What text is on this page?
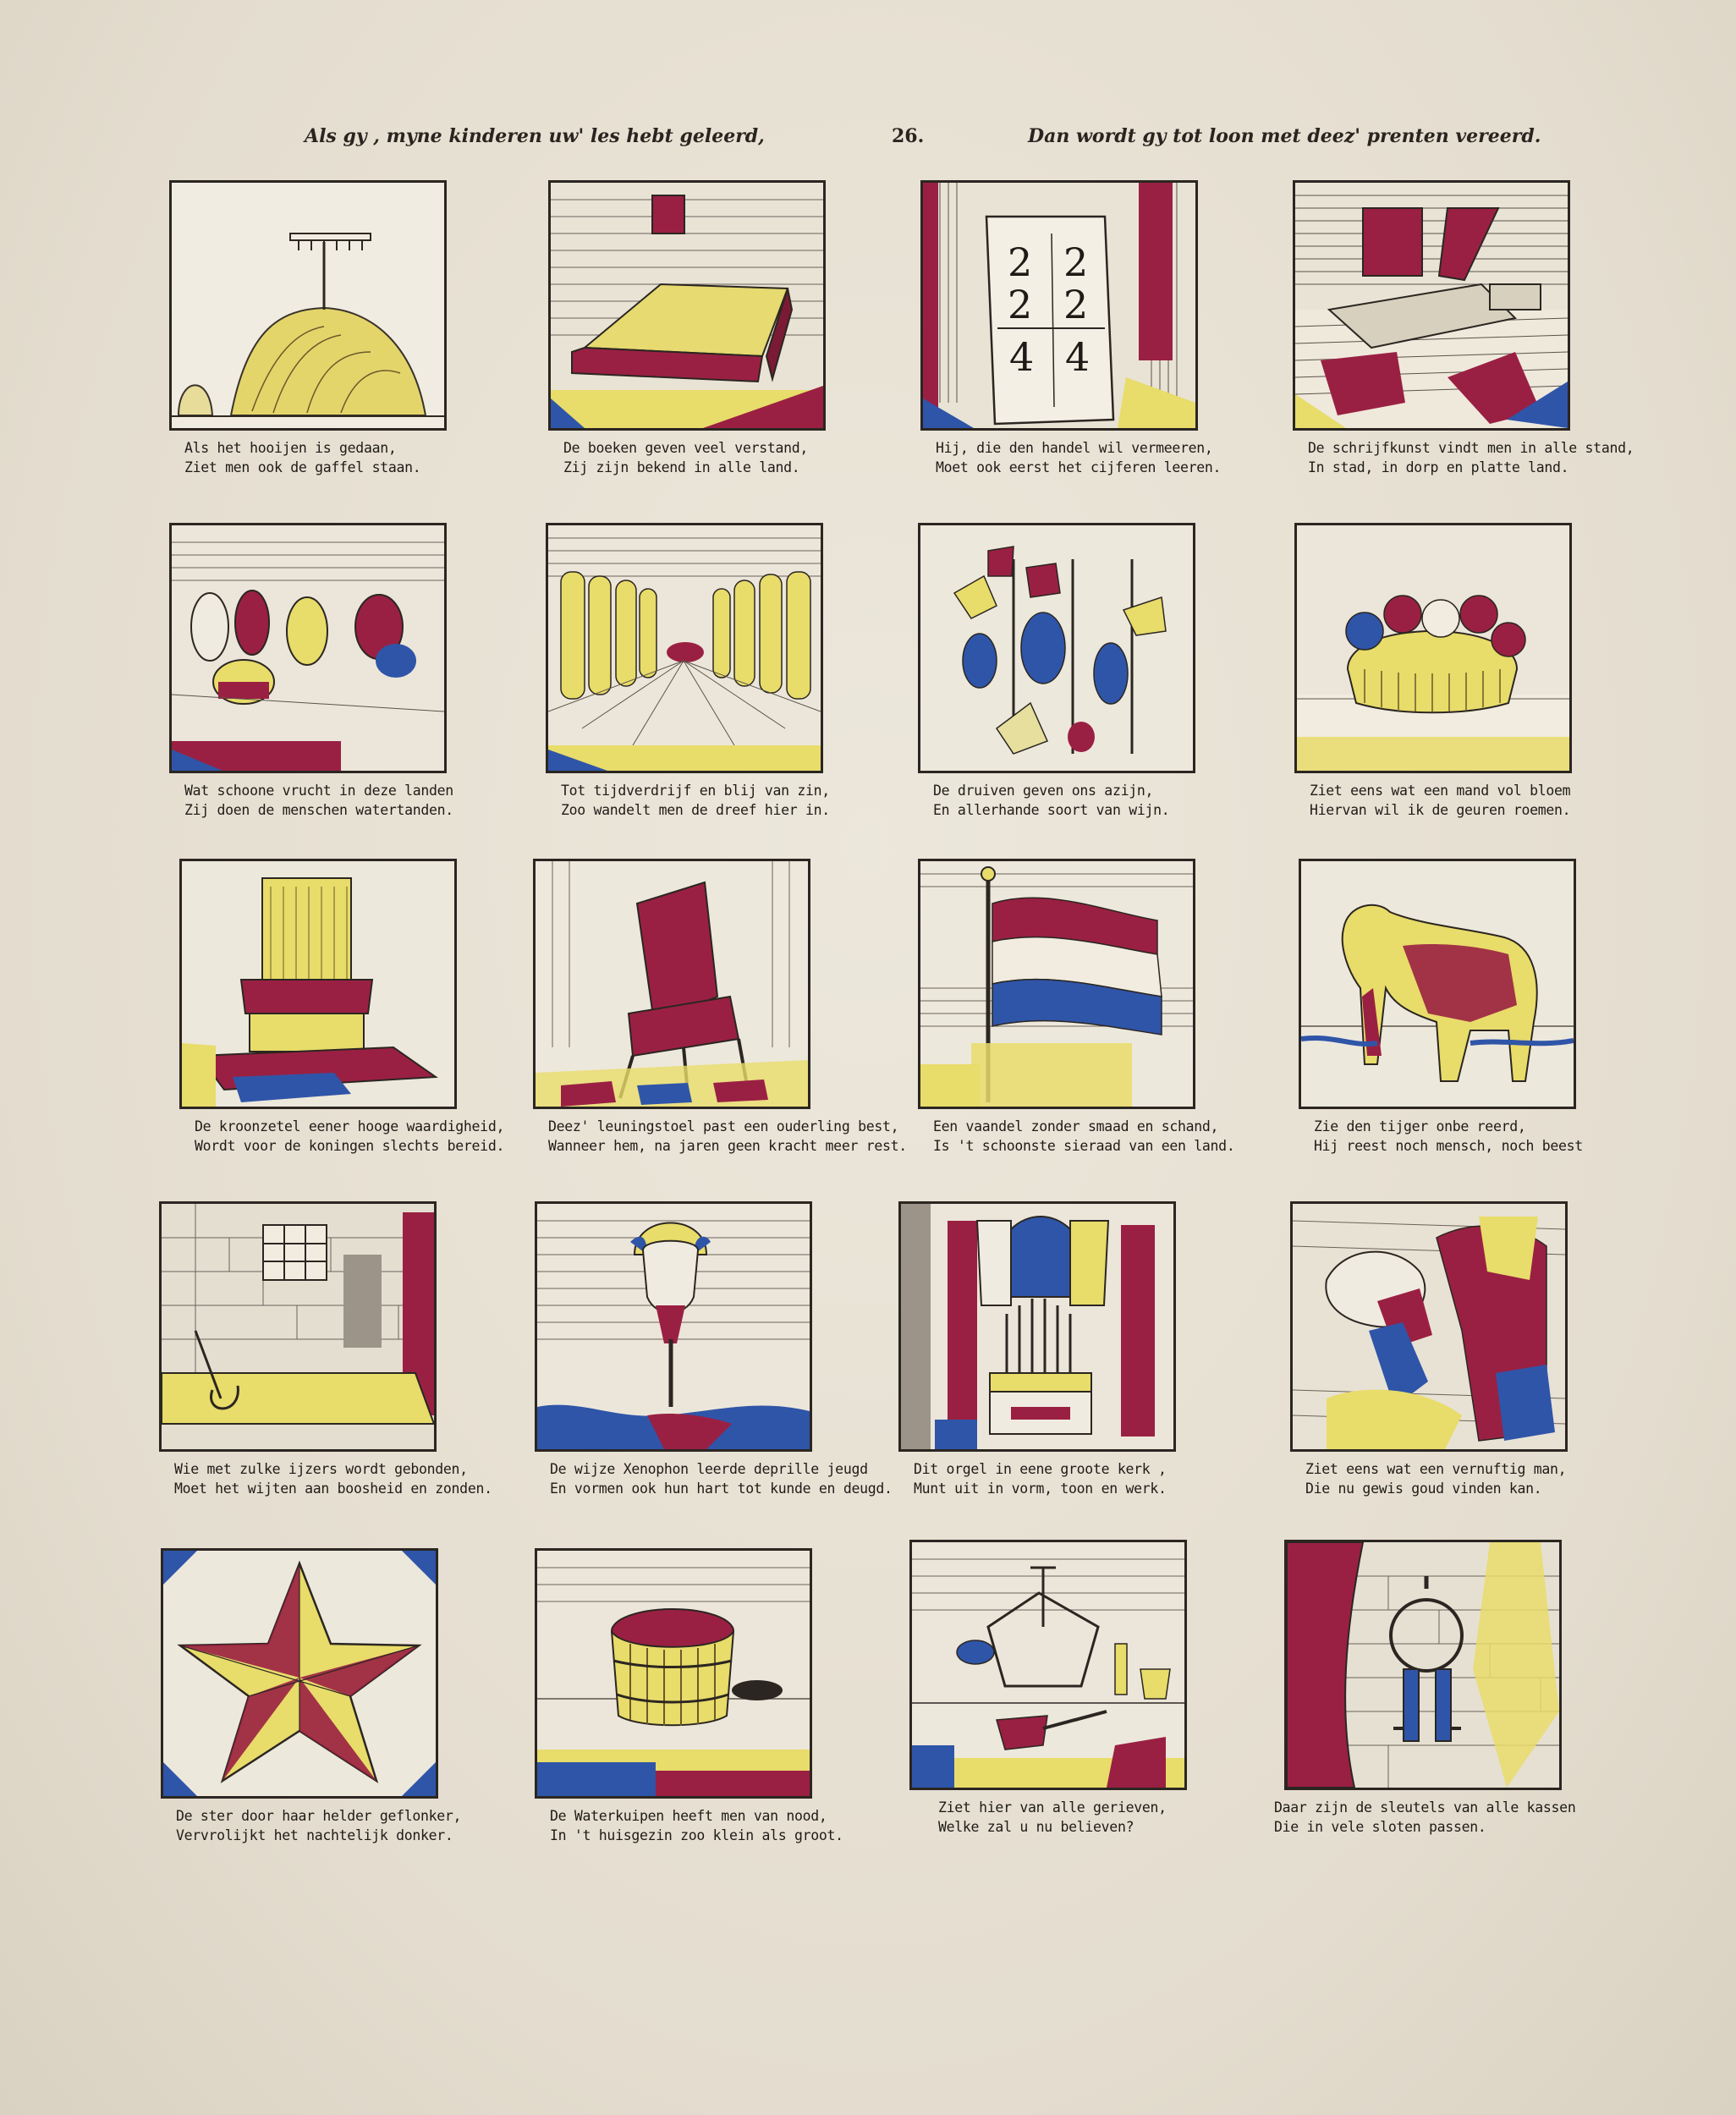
Als gy , myne kinderen uw' les hebt geleerd,	26.	Dan wordt gy tot loon met deez' prenten vereerd.
Als het hooijen is gedaan,
Ziet men ook de gaffel staan.
De boeken geven veel verstand,
Zij zijn bekend in alle land.
2 2
2 2
4 4
Hij, die den handel wil vermeeren,
Moet ook eerst het cijferen leeren.
De schrijfkunst vindt men in alle stand,
In stad, in dorp en platte land.
Wat schoone vrucht in deze landen
Zij doen de menschen watertanden.
Tot tijdverdrijf en blij van zin,
Zoo wandelt men de dreef hier in.
De druiven geven ons azijn,
En allerhande soort van wijn.
Ziet eens wat een mand vol bloem
Hiervan wil ik de geuren roemen.
De kroonzetel eener hooge waardigheid,
Wordt voor de koningen slechts bereid.
Deez' leuningstoel past een ouderling best,
Wanneer hem, na jaren geen kracht meer rest.
Een vaandel zonder smaad en schand,
Is 't schoonste sieraad van een land.
Zie den tijger onbe reerd,
Hij reest noch mensch, noch beest
Wie met zulke ijzers wordt gebonden,
Moet het wijten aan boosheid en zonden.
De wijze Xenophon leerde deprille jeugd
En vormen ook hun hart tot kunde en deugd.
Dit orgel in eene groote kerk ,
Munt uit in vorm, toon en werk.
Ziet eens wat een vernuftig man,
Die nu gewis goud vinden kan.
De ster door haar helder geflonker,
Vervrolijkt het nachtelijk donker.
De Waterkuipen heeft men van nood,
In 't huisgezin zoo klein als groot.
Ziet hier van alle gerieven,
Welke zal u nu believen?
Daar zijn de sleutels van alle kassen
Die in vele sloten passen.
